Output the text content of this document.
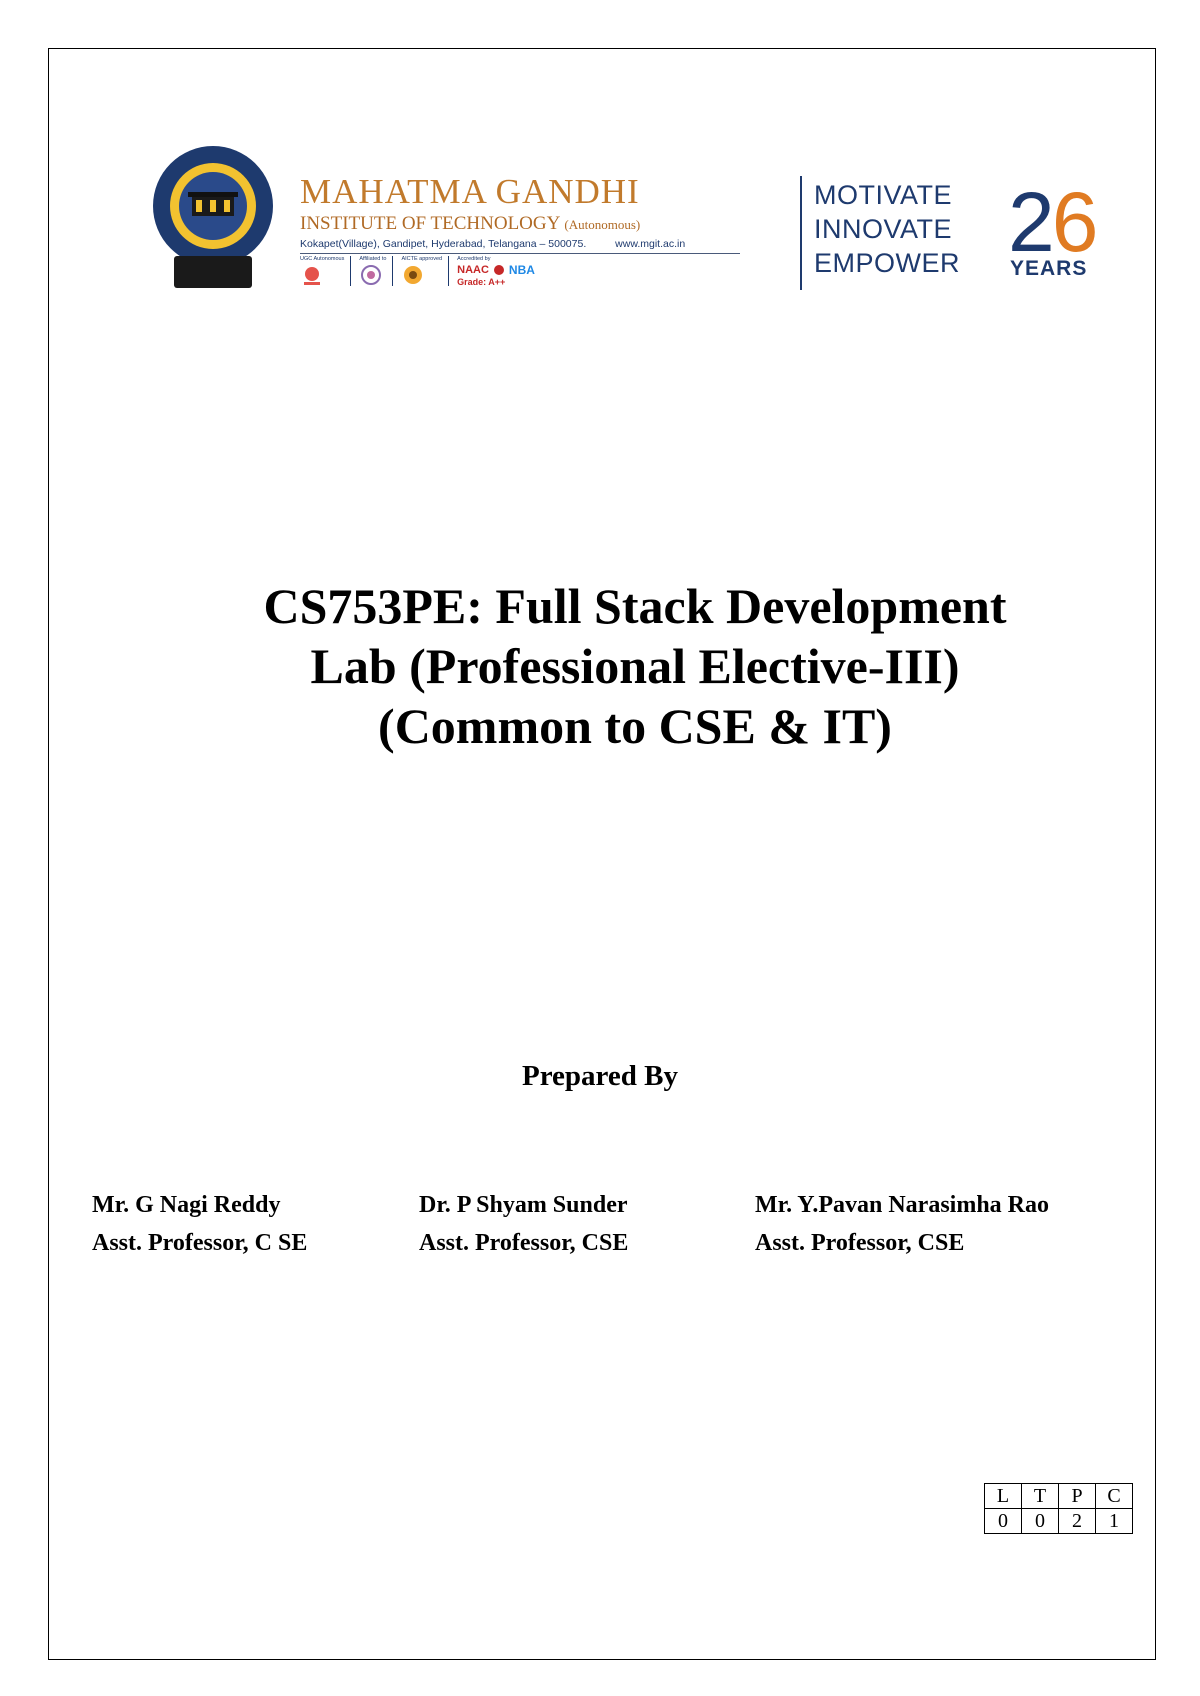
MAHATMA GANDHI
INSTITUTE OF TECHNOLOGY (Autonomous)
Kokapet(Village), Gandipet, Hyderabad, Telangana – 500075.	www.mgit.ac.in
UGC Autonomous	Affiliated to	AICTE approved	Accredited by
NAAC NBA
Grade: A++
MOTIVATE
INNOVATE
EMPOWER 26
YEARS
CS753PE: Full Stack Development
Lab (Professional Elective-III)
(Common to CSE & IT)
Prepared By
Mr. G Nagi Reddy
Asst. Professor, C SE
Dr. P Shyam Sunder
Asst. Professor, CSE
Mr. Y.Pavan Narasimha Rao
Asst. Professor, CSE
L	T	P	C
0	0	2	1
